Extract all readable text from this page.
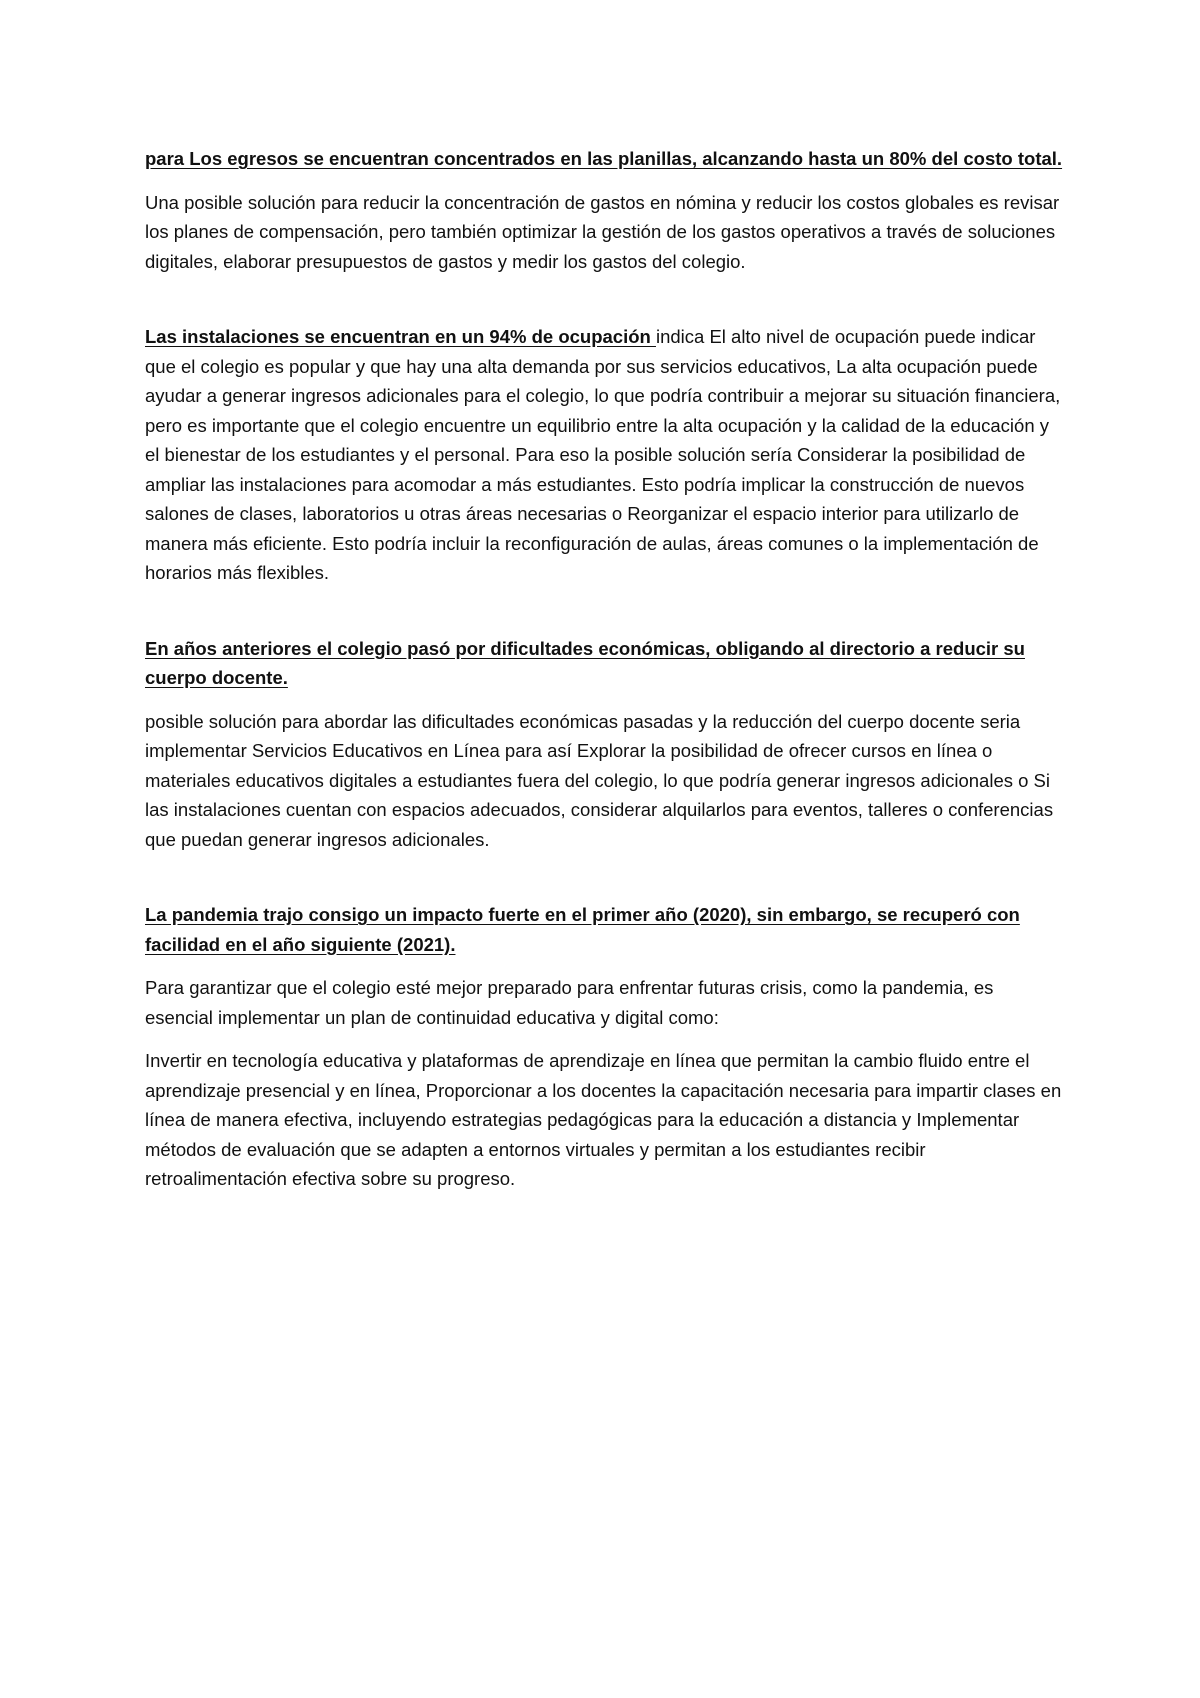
para Los egresos se encuentran concentrados en las planillas, alcanzando hasta un 80% del costo total.

Una posible solución para reducir la concentración de gastos en nómina y reducir los costos globales es revisar los planes de compensación, pero también optimizar la gestión de los gastos operativos a través de soluciones digitales, elaborar presupuestos de gastos y medir los gastos del colegio.

Las instalaciones se encuentran en un 94% de ocupación indica El alto nivel de ocupación puede indicar que el colegio es popular y que hay una alta demanda por sus servicios educativos, La alta ocupación puede ayudar a generar ingresos adicionales para el colegio, lo que podría contribuir a mejorar su situación financiera, pero es importante que el colegio encuentre un equilibrio entre la alta ocupación y la calidad de la educación y el bienestar de los estudiantes y el personal. Para eso la posible solución sería Considerar la posibilidad de ampliar las instalaciones para acomodar a más estudiantes. Esto podría implicar la construcción de nuevos salones de clases, laboratorios u otras áreas necesarias o Reorganizar el espacio interior para utilizarlo de manera más eficiente. Esto podría incluir la reconfiguración de aulas, áreas comunes o la implementación de horarios más flexibles.

En años anteriores el colegio pasó por dificultades económicas, obligando al directorio a reducir su cuerpo docente.

posible solución para abordar las dificultades económicas pasadas y la reducción del cuerpo docente seria implementar Servicios Educativos en Línea para así Explorar la posibilidad de ofrecer cursos en línea o materiales educativos digitales a estudiantes fuera del colegio, lo que podría generar ingresos adicionales o Si las instalaciones cuentan con espacios adecuados, considerar alquilarlos para eventos, talleres o conferencias que puedan generar ingresos adicionales.

La pandemia trajo consigo un impacto fuerte en el primer año (2020), sin embargo, se recuperó con facilidad en el año siguiente (2021).

Para garantizar que el colegio esté mejor preparado para enfrentar futuras crisis, como la pandemia, es esencial implementar un plan de continuidad educativa y digital como:

Invertir en tecnología educativa y plataformas de aprendizaje en línea que permitan la cambio fluido entre el aprendizaje presencial y en línea, Proporcionar a los docentes la capacitación necesaria para impartir clases en línea de manera efectiva, incluyendo estrategias pedagógicas para la educación a distancia y Implementar métodos de evaluación que se adapten a entornos virtuales y permitan a los estudiantes recibir retroalimentación efectiva sobre su progreso.
